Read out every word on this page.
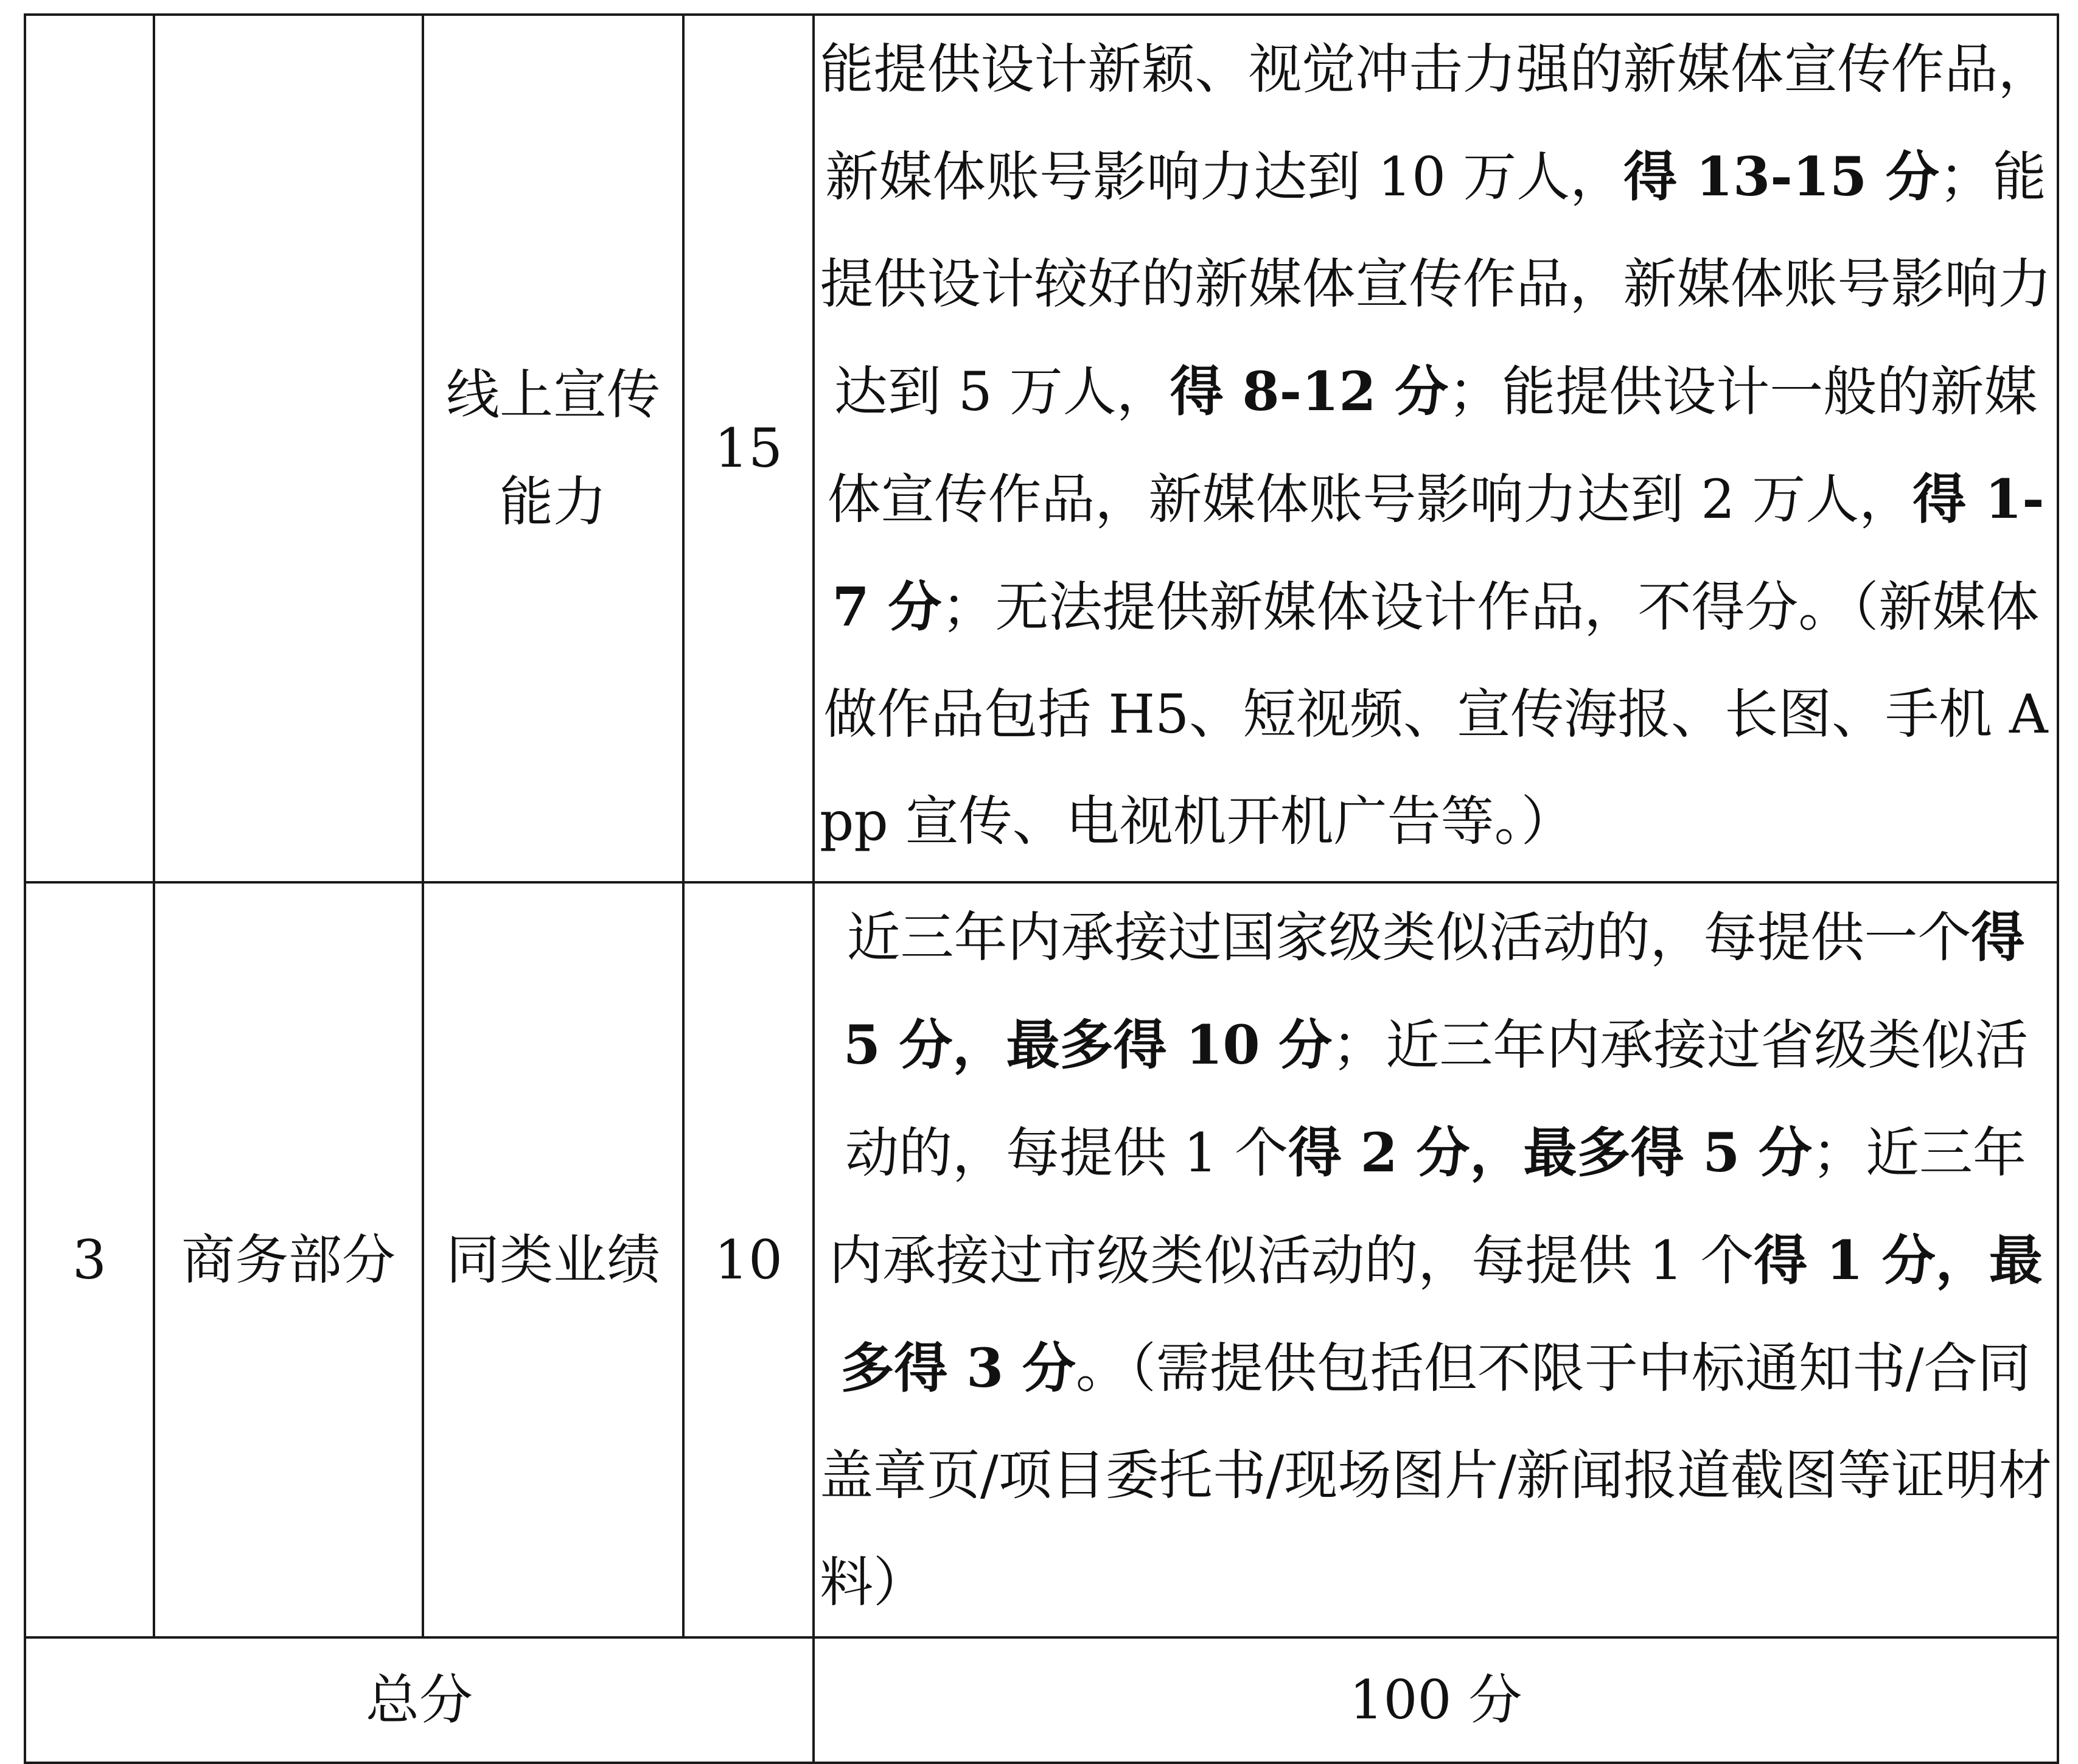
		线上宣传能力	15	能提供设计新颖、视觉冲击力强的新媒体宣传作品，新媒体账号影响力达到 10 万人，得 13-15 分；能提供设计较好的新媒体宣传作品，新媒体账号影响力达到 5 万人，得 8-12 分；能提供设计一般的新媒体宣传作品，新媒体账号影响力达到 2 万人，得 1-7 分；无法提供新媒体设计作品，不得分。（新媒体做作品包括 H5、短视频、宣传海报、长图、手机 App 宣传、电视机开机广告等。）

3	商务部分	同类业绩	10	近三年内承接过国家级类似活动的，每提供一个得 5 分，最多得 10 分；近三年内承接过省级类似活动的，每提供 1 个得 2 分，最多得 5 分；近三年内承接过市级类似活动的，每提供 1 个得 1 分，最多得 3 分。（需提供包括但不限于中标通知书/合同盖章页/项目委托书/现场图片/新闻报道截图等证明材料）

总分				100 分
